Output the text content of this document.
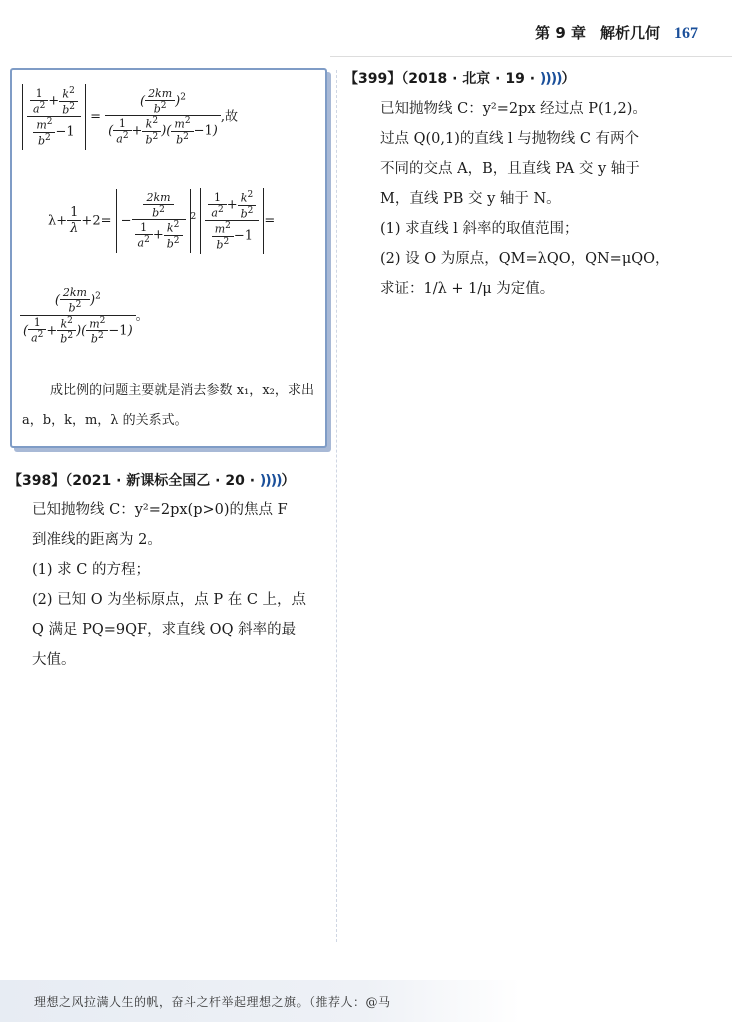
第 9 章 解析几何 167
$\frac{\frac{1}{a^2} + \frac{k^2}{b^2}}{\frac{m^2}{b^2} -1} = \frac{( \frac{2km}{b^2} )^2}{( \frac{1}{a^2} + \frac{k^2}{b^2} )( \frac{m^2}{b^2} -1)}$ ,故
$\lambda+ \frac{1}{\lambda} +2= - \frac{\frac{2km}{b^2}}{\frac{1}{a^2} + \frac{k^2}{b^2}} ^2 \frac{\frac{1}{a^2} + \frac{k^2}{b^2}}{\frac{m^2}{b^2} -1}$ =
$\frac{( \frac{2km}{b^2} )^2}{( \frac{1}{a^2} + \frac{k^2}{b^2} )( \frac{m^2}{b^2} -1)}$ 。
成比例的问题主要就是消去参数 x₁，x₂，求出 a，b，k，m，λ 的关系式。
【398】（2021 · 新课标全国乙 · 20 · ))))）
已知抛物线 C：y²=2px(p>0)的焦点 F
到准线的距离为 2。
(1) 求 C 的方程；
(2) 已知 O 为坐标原点，点 P 在 C 上，点
Q 满足 PQ=9QF，求直线 OQ 斜率的最
大值。
【399】（2018 · 北京 · 19 · ))))）
已知抛物线 C：y²=2px 经过点 P(1,2)。
过点 Q(0,1)的直线 l 与抛物线 C 有两个
不同的交点 A，B，且直线 PA 交 y 轴于
M，直线 PB 交 y 轴于 N。
(1) 求直线 l 斜率的取值范围；
(2) 设 O 为原点，QM=λQO，QN=μQO，
求证：1/λ + 1/μ 为定值。
理想之风拉满人生的帆，奋斗之杆举起理想之旗。（推荐人：@马
